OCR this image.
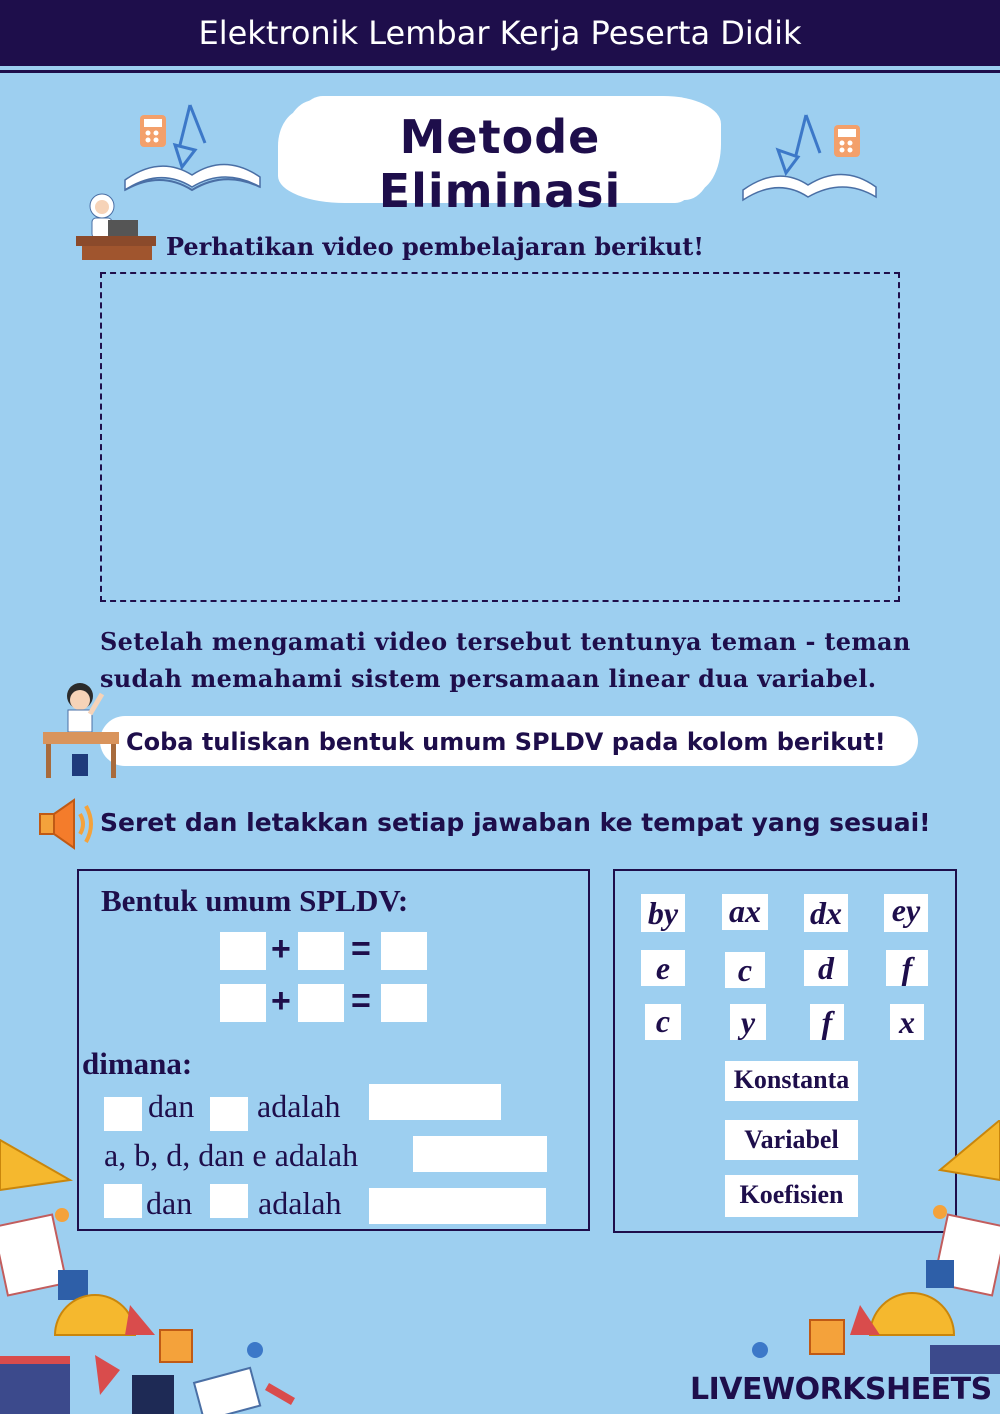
Elektronik Lembar Kerja Peserta Didik
Metode Eliminasi
Perhatikan video pembelajaran berikut!
Setelah mengamati video tersebut tentunya teman - teman
sudah memahami sistem persamaan linear dua variabel.
Coba tuliskan bentuk umum SPLDV pada kolom berikut!
Seret dan letakkan setiap jawaban ke tempat yang sesuai!
Bentuk umum SPLDV:
+ =
+ =
dimana:
dan adalah
a, b, d, dan e adalah
dan adalah
by ax dx ey
e	c	d	f
c	y	f	x
Konstanta
Variabel
Koefisien
LIVEWORKSHEETS
